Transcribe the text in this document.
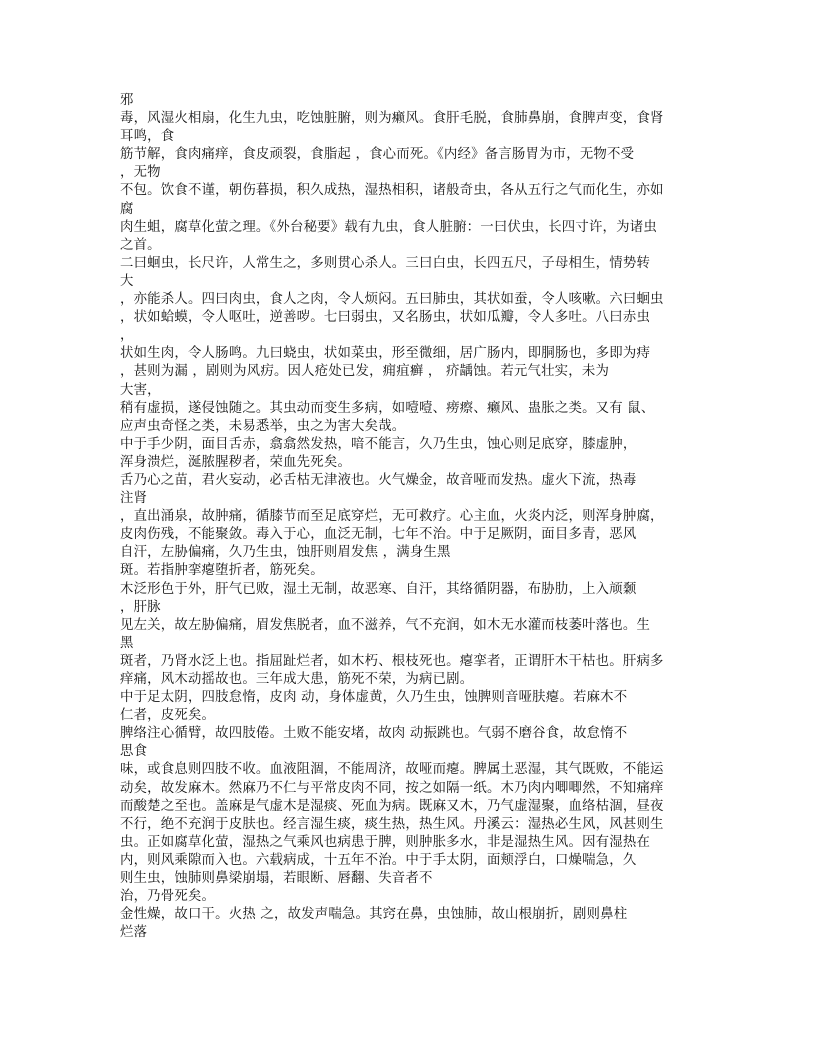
邪
毒，风湿火相扇，化生九虫，吃蚀脏腑，则为癞风。食肝毛脱，食肺鼻崩，食脾声变，食肾
耳鸣，食
筋节解，食肉痛痒，食皮顽裂，食脂起 ，食心而死。《内经》备言肠胃为市，无物不受
，无物
不包。饮食不谨，朝伤暮损，积久成热，湿热相积，诸般奇虫，各从五行之气而化生，亦如
腐
肉生蛆，腐草化萤之理。《外台秘要》载有九虫，食人脏腑：一曰伏虫，长四寸许，为诸虫
之首。
二曰蛔虫，长尺许，人常生之，多则贯心杀人。三曰白虫，长四五尺，子母相生，情势转
大
，亦能杀人。四曰肉虫，食人之肉，令人烦闷。五曰肺虫，其状如蚕，令人咳嗽。六曰蛔虫
，状如蛤蟆，令人呕吐，逆善哕。七曰弱虫，又名肠虫，状如瓜瓣，令人多吐。八曰赤虫
，
状如生肉，令人肠鸣。九曰蛲虫，状如菜虫，形至微细，居广肠内，即胴肠也，多即为痔
，甚则为漏 ，剧则为风疠。因人疮处已发，痈疽癣 ， 疥龋蚀。若元气壮实，未为
大害，
稍有虚损，遂侵蚀随之。其虫动而变生多病，如噎噎、痨瘵、癞风、蛊胀之类。又有 鼠、
应声虫奇怪之类，未易悉举，虫之为害大矣哉。
中于手少阴，面目舌赤，翕翕然发热，喑不能言，久乃生虫，蚀心则足底穿，膝虚肿，
浑身溃烂，涎脓腥秽者，荣血先死矣。
舌乃心之苗，君火妄动，必舌枯无津液也。火气燥金，故音哑而发热。虚火下流，热毒
注肾
，直出涌泉，故肿痛，循膝节而至足底穿烂，无可救疗。心主血，火炎内泛，则浑身肿腐，
皮肉伤残，不能聚敛。毒入于心，血泛无制，七年不治。中于足厥阴，面目多青，恶风
自汗，左胁偏痛，久乃生虫，蚀肝则眉发焦 ，满身生黑
斑。若指肿挛瘪堕折者，筋死矣。
木泛形色于外，肝气已败，湿土无制，故恶寒、自汗，其络循阴器，布胁肋，上入颃颡
，肝脉
见左关，故左胁偏痛，眉发焦脱者，血不滋养，气不充润，如木无水灌而枝萎叶落也。生
黑
斑者，乃肾水泛上也。指屈趾烂者，如木朽、根枝死也。瘪挛者，正谓肝木干枯也。肝病多
痒痛，风木动摇故也。三年成大患，筋死不荣，为病已剧。
中于足太阴，四肢怠惰，皮肉 动，身体虚黄，久乃生虫，蚀脾则音哑肤瘪。若麻木不
仁者，皮死矣。
脾络注心循臂，故四肢倦。土败不能安堵，故肉 动振跳也。气弱不磨谷食，故怠惰不
思食
味，或食息则四肢不收。血液阻涸，不能周济，故哑而瘪。脾属土恶湿，其气既败，不能运
动矣，故发麻木。然麻乃不仁与平常皮肉不同，按之如隔一纸。木乃肉内唧唧然，不知痛痒
而酸楚之至也。盖麻是气虚木是湿痰、死血为病。既麻又木，乃气虚湿聚，血络枯涸，昼夜
不行，绝不充润于皮肤也。经言湿生痰，痰生热，热生风。丹溪云：湿热必生风，风甚则生
虫。正如腐草化萤，湿热之气乘风也病患于脾，则肿胀多水，非是湿热生风。因有湿热在
内，则风乘隙而入也。六载病成，十五年不治。中于手太阴，面颊浮白，口燥喘急，久
则生虫，蚀肺则鼻梁崩塌，若眼断、唇翻、失音者不
治，乃骨死矣。
金性燥，故口干。火热 之，故发声喘急。其窍在鼻，虫蚀肺，故山根崩折，剧则鼻柱
烂落
